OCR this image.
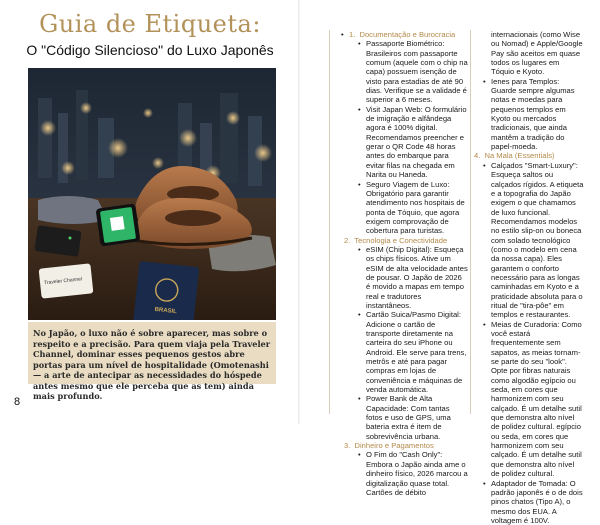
Guia de Etiqueta:
O "Código Silencioso" do Luxo Japonês
Traveler Channel
BRASIL
No Japão, o luxo não é sobre aparecer, mas sobre o respeito e a precisão. Para quem viaja pela Traveler Channel, dominar esses pequenos gestos abre portas para um nível de hospitalidade (Omotenashi — a arte de antecipar as necessidades do hóspede antes mesmo que ele perceba que as tem) ainda mais profundo.
8
• 1. Documentação e Burocracia
• Passaporte Biométrico: Brasileiros com passaporte comum (aquele com o chip na capa) possuem isenção de visto para estadias de até 90 dias. Verifique se a validade é superior a 6 meses.
• Visit Japan Web: O formulário de imigração e alfândega agora é 100% digital. Recomendamos preencher e gerar o QR Code 48 horas antes do embarque para evitar filas na chegada em Narita ou Haneda.
• Seguro Viagem de Luxo: Obrigatório para garantir atendimento nos hospitais de ponta de Tóquio, que agora exigem comprovação de cobertura para turistas.
2. Tecnologia e Conectividade
• eSIM (Chip Digital): Esqueça os chips físicos. Ative um eSIM de alta velocidade antes de pousar. O Japão de 2026 é movido a mapas em tempo real e tradutores instantâneos.
• Cartão Suica/Pasmo Digital: Adicione o cartão de transporte diretamente na carteira do seu iPhone ou Android. Ele serve para trens, metrôs e até para pagar compras em lojas de conveniência e máquinas de venda automática.
• Power Bank de Alta Capacidade: Com tantas fotos e uso de GPS, uma bateria extra é item de sobrevivência urbana.
3. Dinheiro e Pagamentos
• O Fim do "Cash Only": Embora o Japão ainda ame o dinheiro físico, 2026 marcou a digitalização quase total. Cartões de débito
internacionais (como Wise ou Nomad) e Apple/Google Pay são aceitos em quase todos os lugares em Tóquio e Kyoto.
• Ienes para Templos: Guarde sempre algumas notas e moedas para pequenos templos em Kyoto ou mercados tradicionais, que ainda mantêm a tradição do papel-moeda.
4. Na Mala (Essentials)
• Calçados "Smart-Luxury": Esqueça saltos ou calçados rígidos. A etiqueta e a topografia do Japão exigem o que chamamos de luxo funcional. Recomendamos modelos no estilo slip-on ou boneca com solado tecnológico (como o modelo em cena da nossa capa). Eles garantem o conforto necessário para as longas caminhadas em Kyoto e a praticidade absoluta para o ritual de "tira-pôe" em templos e restaurantes.
• Meias de Curadoria: Como você estará frequentemente sem sapatos, as meias tornam-se parte do seu "look". Opte por fibras naturais como algodão egípcio ou seda, em cores que harmonizem com seu calçado. É um detalhe sutil que demonstra alto nível de polidez cultural. egípcio ou seda, em cores que harmonizem com seu calçado. É um detalhe sutil que demonstra alto nível de polidez cultural.
• Adaptador de Tomada: O padrão japonês é o de dois pinos chatos (Tipo A), o mesmo dos EUA. A voltagem é 100V.
